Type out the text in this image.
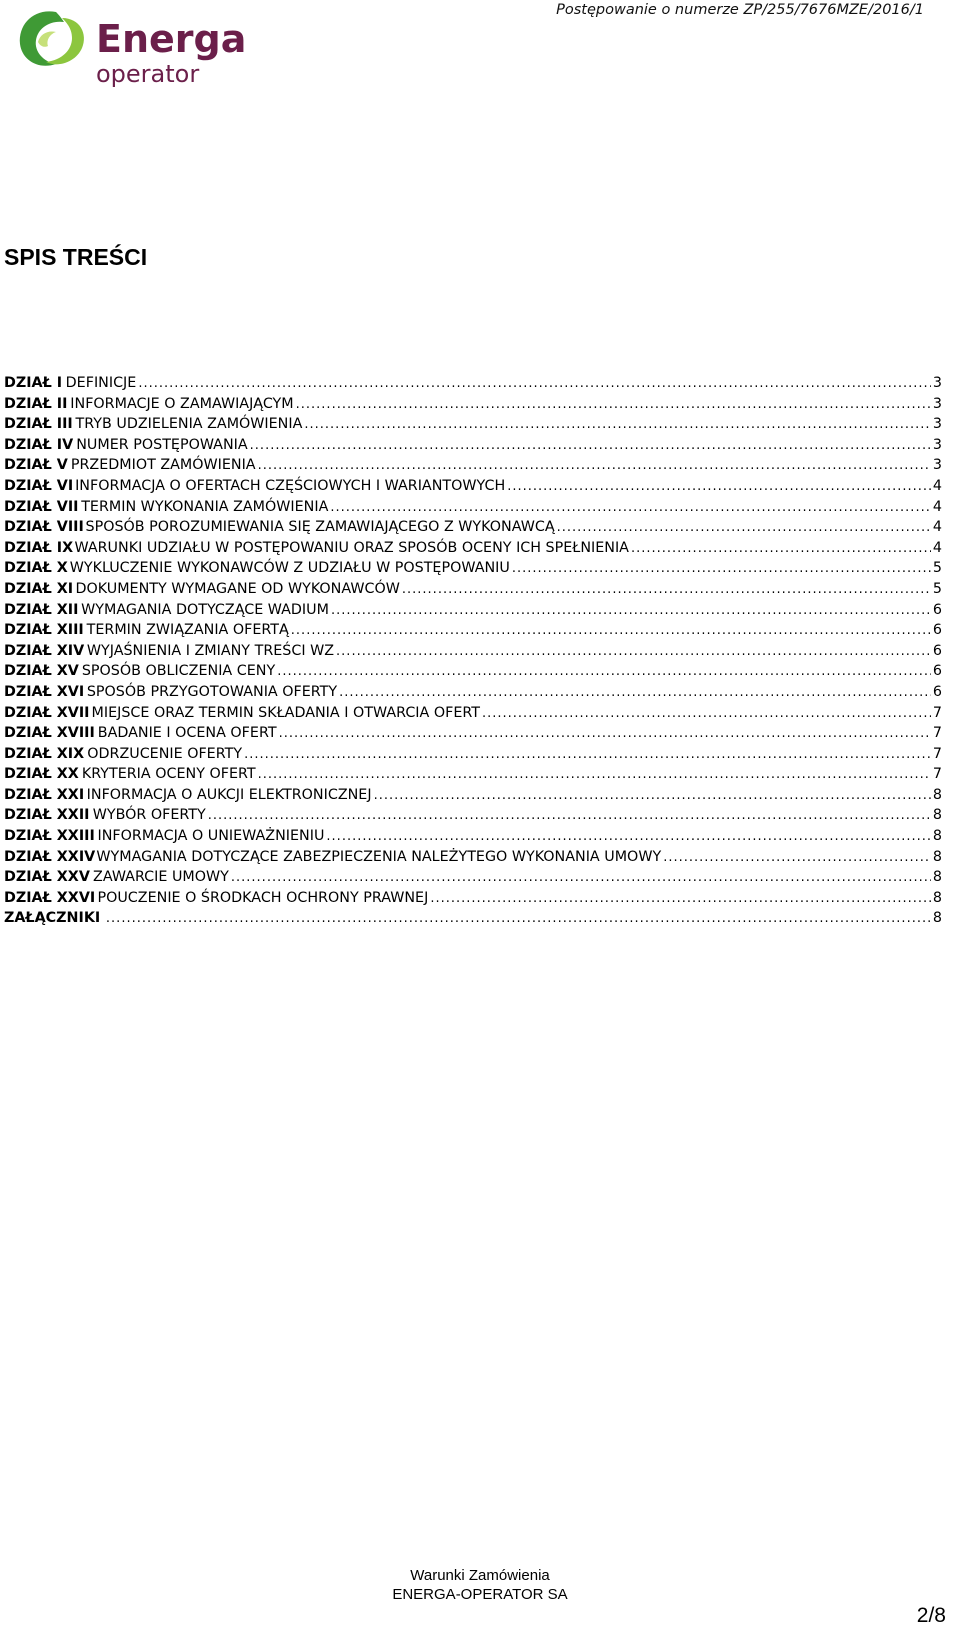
Postępowanie o numerze ZP/255/7676MZE/2016/1
Energa
operator
SPIS TREŚCI
DZIAŁ I DEFINICJE .....	3
DZIAŁ II INFORMACJE O ZAMAWIAJĄCYM .....	3
DZIAŁ III TRYB UDZIELENIA ZAMÓWIENIA .....	3
DZIAŁ IV NUMER POSTĘPOWANIA .....	3
DZIAŁ V PRZEDMIOT ZAMÓWIENIA .....	3
DZIAŁ VI INFORMACJA O OFERTACH CZĘŚCIOWYCH I WARIANTOWYCH .....	4
DZIAŁ VII TERMIN WYKONANIA ZAMÓWIENIA .....	4
DZIAŁ VIII SPOSÓB POROZUMIEWANIA SIĘ ZAMAWIAJĄCEGO Z WYKONAWCĄ .....	4
DZIAŁ IX WARUNKI UDZIAŁU W POSTĘPOWANIU ORAZ SPOSÓB OCENY ICH SPEŁNIENIA .....	4
DZIAŁ X WYKLUCZENIE WYKONAWCÓW Z UDZIAŁU W POSTĘPOWANIU .....	5
DZIAŁ XI DOKUMENTY WYMAGANE OD WYKONAWCÓW .....	5
DZIAŁ XII WYMAGANIA DOTYCZĄCE WADIUM .....	6
DZIAŁ XIII TERMIN ZWIĄZANIA OFERTĄ .....	6
DZIAŁ XIV WYJAŚNIENIA I ZMIANY TREŚCI WZ .....	6
DZIAŁ XV SPOSÓB OBLICZENIA CENY .....	6
DZIAŁ XVI SPOSÓB PRZYGOTOWANIA OFERTY .....	6
DZIAŁ XVII MIEJSCE ORAZ TERMIN SKŁADANIA I OTWARCIA OFERT .....	7
DZIAŁ XVIII BADANIE I OCENA OFERT .....	7
DZIAŁ XIX ODRZUCENIE OFERTY .....	7
DZIAŁ XX KRYTERIA OCENY OFERT .....	7
DZIAŁ XXI INFORMACJA O AUKCJI ELEKTRONICZNEJ .....	8
DZIAŁ XXII WYBÓR OFERTY .....	8
DZIAŁ XXIII INFORMACJA O UNIEWAŻNIENIU .....	8
DZIAŁ XXIV WYMAGANIA DOTYCZĄCE ZABEZPIECZENIA NALEŻYTEGO WYKONANIA UMOWY .....	8
DZIAŁ XXV ZAWARCIE UMOWY .....	8
DZIAŁ XXVI POUCZENIE O ŚRODKACH OCHRONY PRAWNEJ .....	8
ZAŁĄCZNIKI .....	8
Warunki Zamówienia
ENERGA-OPERATOR SA
2/8
